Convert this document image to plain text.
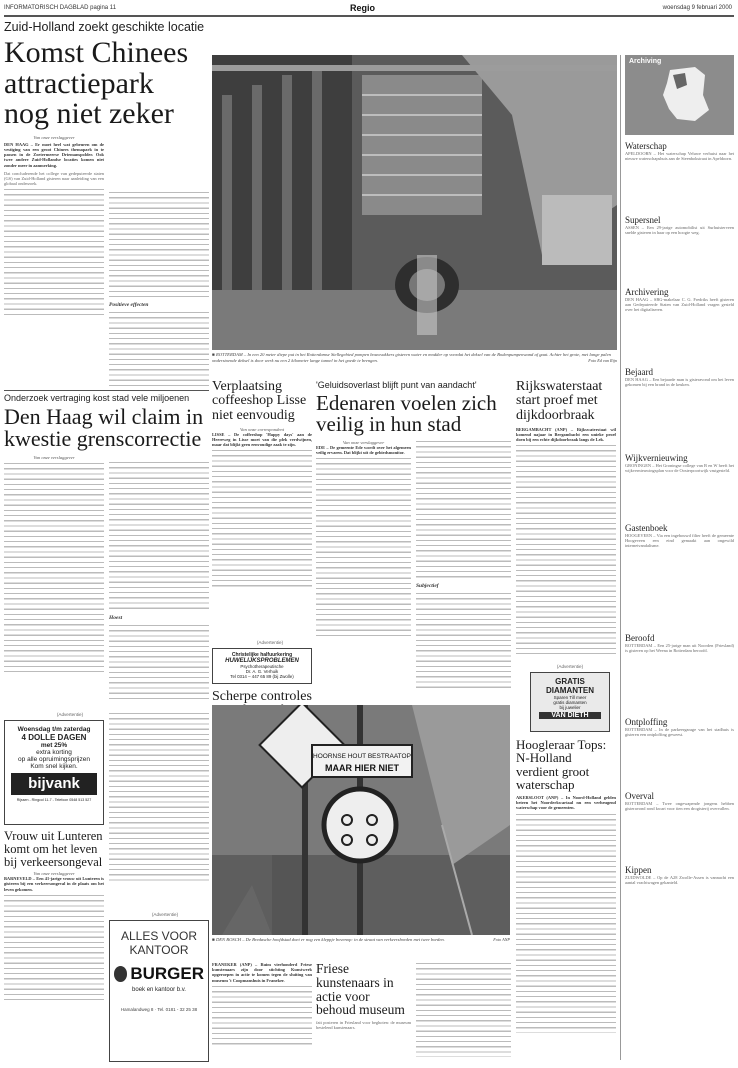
INFORMATORISCH DAGBLAD pagina 11	Regio	woensdag 9 februari 2000
Zuid-Holland zoekt geschikte locatie
Komst Chinees attractiepark nog niet zeker
Van onze verslaggever
DEN HAAG – Er moet heel wat gebeuren om de vestiging van een groot Chinees themapark in te passen in de Zoetermeerse Driemanspolder. Ook twee andere Zuid-Hollandse locaties komen niet zonder meer in aanmerking.
Dat concluderende het college van gedeputeerde staten (GS) van Zuid-Holland gisteren naar aanleiding van een globaal onderzoek.
Positieve effecten
■ ROTTERDAM – In een 20 meter diepe put in het Rotterdamse Stellegebied pompen bouwvakkers gisteren water en modder op voordat het deksel van de Bodenpumpenwand af gaat. Achter het grote, met lange palen onderstoende deksel is door werk nu een 2 kilometer lange tunnel in het goede te brengen.	Foto Ed van Rijn
Archiving
Waterschap
APELDOORN – Het waterschap Veluwe verhuist naar het nieuwe waterschapshuis aan de Steenbokstraat in Apeldoorn.
Supersnel
ASSEN – Een 29-jarige automobilist uit Surhuisterveen snelde gisteren in haar op een hoogte weg.
Archivering
DEN HAAG – SBG-makelaar C. G. Fredriks heeft gisteren aan Gedeputeerde Staten van Zuid-Holland vragen gesteld over het digitaliseren.
Bejaard
DEN HAAG – Een bejaarde man is gisteravond om het leven gekomen bij een brand in de keuken.
Wijkvernieuwing
GRONINGEN – Het Groningse college van B en W heeft het wijkvernieuwingsplan voor de Oosterpoortwijk vastgesteld.
Gastenboek
HOOGEVEEN – Via een ingebouwd filter heeft de gemeente Hoogeveen een eind gemaakt aan ongewild internetvandalisme.
Beroofd
ROTTERDAM – Een 25-jarige man uit Noorden (Friesland) is gisteren op het Weena in Rotterdam beroofd.
Ontploffing
ROTTERDAM – In de parkeergarage van het stadhuis is gisteren een ontploffing geweest.
Overval
ROTTERDAM – Twee ongewapende jongens hebben gisteravond rond kwart voor tien een drogisterij overvallen.
Kippen
ZUIDWOLDE – Op de A28 Zwolle-Assen is vannacht een aantal vrachtwagen gekanteld.
Onderzoek vertraging kost stad vele miljoenen
Den Haag wil claim in kwestie grenscorrectie
Van onze verslaggever
Hoest
(Advertentie)
Woensdag t/m zaterdag
4 DOLLE DAGEN
met 25%
extra korting
op alle opruimingsprijzen
Kom snel kijken.
bijvank
Rijssen - Ringcol 11-7 - Telefoon 0548 513 527
Vrouw uit Lunteren komt om het leven bij verkeersongeval
Van onze verslaggever
BARNEVELD – Een 41-jarige vrouw uit Lunteren is gisteren bij een verkeersongeval in de plaats om het leven gekomen.
(Advertentie)
ALLES VOOR
KANTOOR
BURGER
boek en kantoor b.v.
Hamalandweg 8 · Tel. 0181 - 32 25 38
Verplaatsing coffeeshop Lisse niet eenvoudig
Van onze correspondent
LISSE – De coffeeshop 'Happy days' aan de Heereweg in Lisse moet van die plek verdwijnen, maar dat blijkt geen eenvoudige zaak te zijn.
(Advertentie)
Christelijke halfuurkering
HUWELIJKSPROBLEMEN
Psychotherapeutische
Dr. A. G. Verhuik
Tel 0314 – 447 65 89 (bij Zwolle)
Scherpe controles
'Geluidsoverlast blijft punt van aandacht'
Edenaren voelen zich veilig in hun stad
Van onze verslaggever
EDE – De gemeente Ede wordt over het algemeen veilig ervaren. Dat blijkt uit de gebiedsmonitor.
Subjectief
Rijkswaterstaat start proef met dijkdoorbraak
BERGAMBACHT (ANP) – Rijkswaterstaat wil komend najaar in Bergambacht een unieke proef doen bij een echte dijkdoorbraak langs de Lek.
(Advertentie)
GRATIS
DIAMANTEN
Sparen Till meer
gratis diamanten
bij juwelier
VAN DIETH
HOORNSE HOUT BESTRAATOP
MAAR HIER NIET
■ DEN BOSCH – De Bredasche hoofdstad doet er nog een kleppje bovenop: in de straat van verkeersborden met twee borden.	Foto ANP
FRANEKER (ANP) – Ruim vierhonderd Friese kunstenaars zijn door stichting Kunstwerk opgeroepen in actie te komen tegen de sluiting van museum 't Coopmanshuis in Franeker.
Friese kunstenaars in actie voor behoud museum
fait posteren in Friesland voor beghoten: de museum bestelend kunstenaars.
Hoogleraar Tops: N-Holland verdient groot waterschap
AKERSLOOT (ANP) – In Noord-Holland gelden beteen het Noorderkwartaal nu een verheugend waterschap voor de gemeenten.
